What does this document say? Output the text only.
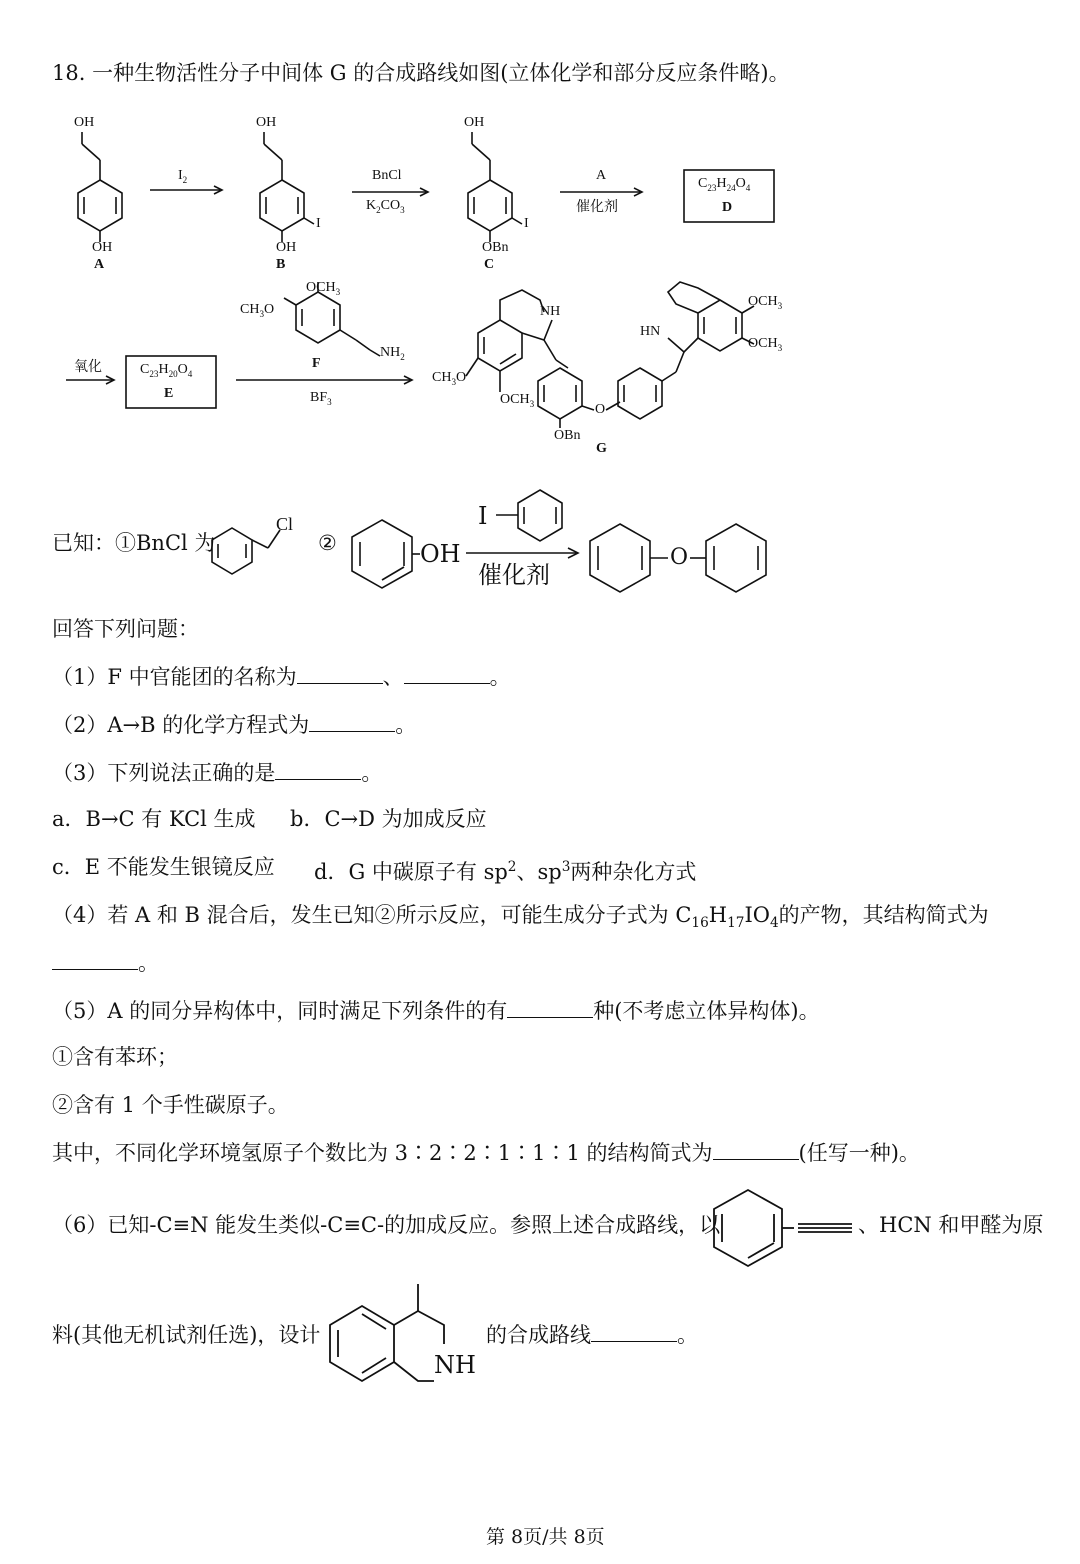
18. 一种生物活性分子中间体 G 的合成路线如图(立体化学和部分反应条件略)。
OH
OH
A
$I_2$
OH
OH
I
B
BnCl
$K_2CO_3$
OH
OBn
I
C
A
催化剂
$C_{23}H_{24}O_4$
D
氧化	$C_{23}H_{20}O_4$
E
$OCH_3$
$CH_3O$
$NH_2$
F
$BF_3$
NH
$CH_3O$
$OCH_3$	O
OBn
G
HN
$OCH_3$
$OCH_3$
已知：①BnCl 为
Cl
②	OH
I
催化剂
O
回答下列问题：
（1）F 中官能团的名称为	、	。
（2）A→B 的化学方程式为	。
（3）下列说法正确的是	。
a．B→C 有 KCl 生成 b．C→D 为加成反应
c．E 不能发生银镜反应 d．G 中碳原子有 $sp^2$、$sp^3$两种杂化方式
（4）若 A 和 B 混合后，发生已知②所示反应，可能生成分子式为 $C_{16}H_{17}IO_4$的产物，其结构简式为
。
（5）A 的同分异构体中，同时满足下列条件的有	种(不考虑立体异构体)。
①含有苯环；
②含有 1 个手性碳原子。
其中，不同化学环境氢原子个数比为 3∶2∶2∶1∶1∶1 的结构简式为	(任写一种)。
（6）已知-C≡N 能发生类似-C≡C-的加成反应。参照上述合成路线，以	、HCN 和甲醛为原
料(其他无机试剂任选)，设计	的合成路线	。
NH
第 8页/共 8页
